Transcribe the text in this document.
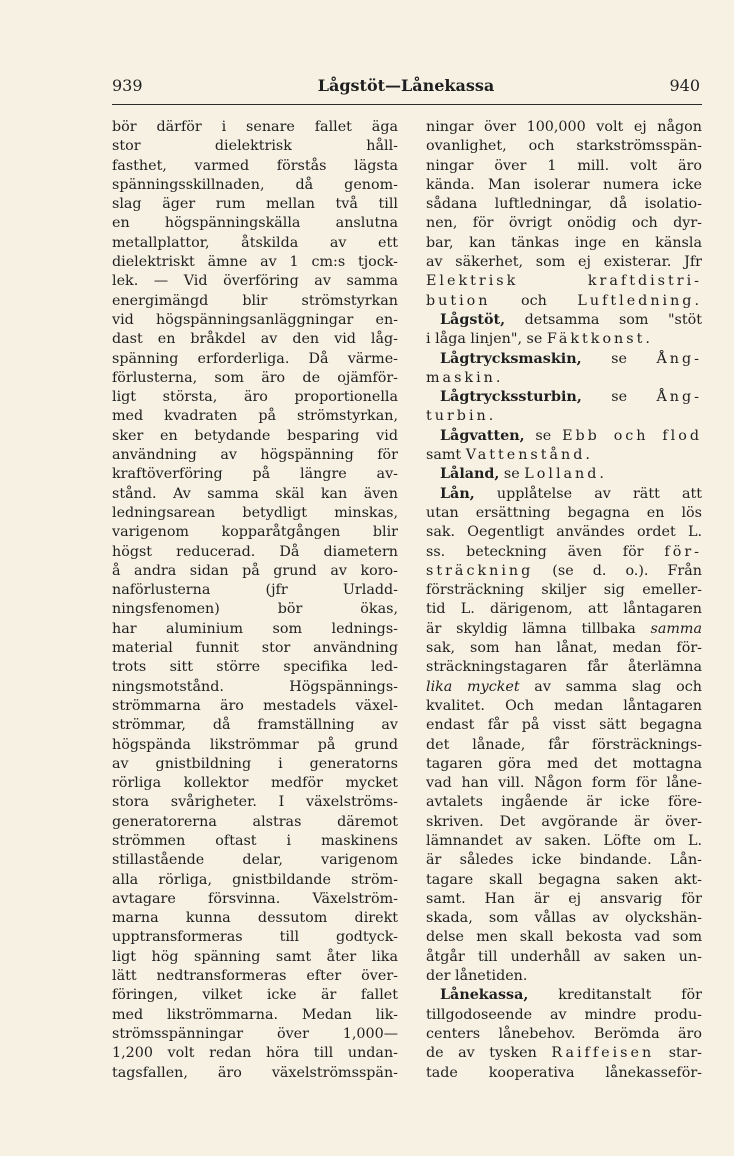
939	Lågstöt—Lånekassa	940
bör därför i senare fallet äga
stor dielektrisk håll-
fasthet, varmed förstås lägsta
spänningsskillnaden, då genom-
slag äger rum mellan två till
en högspänningskälla anslutna
metallplattor, åtskilda av ett
dielektriskt ämne av 1 cm:s tjock-
lek. — Vid överföring av samma
energimängd blir strömstyrkan
vid högspänningsanläggningar en-
dast en bråkdel av den vid låg-
spänning erforderliga. Då värme-
förlusterna, som äro de ojämför-
ligt största, äro proportionella
med kvadraten på strömstyrkan,
sker en betydande besparing vid
användning av högspänning för
kraftöverföring på längre av-
stånd. Av samma skäl kan även
ledningsarean betydligt minskas,
varigenom kopparåtgången blir
högst reducerad. Då diametern
å andra sidan på grund av koro-
naförlusterna (jfr Urladd-
ningsfenomen) bör ökas,
har aluminium som lednings-
material funnit stor användning
trots sitt större specifika led-
ningsmotstånd. Högspännings-
strömmarna äro mestadels växel-
strömmar, då framställning av
högspända likströmmar på grund
av gnistbildning i generatorns
rörliga kollektor medför mycket
stora svårigheter. I växelströms-
generatorerna alstras däremot
strömmen oftast i maskinens
stillastående delar, varigenom
alla rörliga, gnistbildande ström-
avtagare försvinna. Växelström-
marna kunna dessutom direkt
upptransformeras till godtyck-
ligt hög spänning samt åter lika
lätt nedtransformeras efter över-
föringen, vilket icke är fallet
med likströmmarna. Medan lik-
strömsspänningar över 1,000—
1,200 volt redan höra till undan-
tagsfallen, äro växelströmsspän-
ningar över 100,000 volt ej någon
ovanlighet, och starkströmsspän-
ningar över 1 mill. volt äro
kända. Man isolerar numera icke
sådana luftledningar, då isolatio-
nen, för övrigt onödig och dyr-
bar, kan tänkas inge en känsla
av säkerhet, som ej existerar. Jfr
Elektrisk kraftdistri-
bution och Luftledning.
Lågstöt, detsamma som "stöt
i låga linjen", se Fäktkonst.
Lågtrycksmaskin, se Ång-
maskin.
Lågtryckssturbin, se Ång-
turbin.
Lågvatten, se Ebb och flod
samt Vattenstånd.
Låland, se Lolland.
Lån, upplåtelse av rätt att
utan ersättning begagna en lös
sak. Oegentligt användes ordet L.
ss. beteckning även för för-
sträckning (se d. o.). Från
försträckning skiljer sig emeller-
tid L. därigenom, att låntagaren
är skyldig lämna tillbaka samma
sak, som han lånat, medan för-
sträckningstagaren får återlämna
lika mycket av samma slag och
kvalitet. Och medan låntagaren
endast får på visst sätt begagna
det lånade, får försträcknings-
tagaren göra med det mottagna
vad han vill. Någon form för låne-
avtalets ingående är icke före-
skriven. Det avgörande är över-
lämnandet av saken. Löfte om L.
är således icke bindande. Lån-
tagare skall begagna saken akt-
samt. Han är ej ansvarig för
skada, som vållas av olyckshän-
delse men skall bekosta vad som
åtgår till underhåll av saken un-
der lånetiden.
Lånekassa, kreditanstalt för
tillgodoseende av mindre produ-
centers lånebehov. Berömda äro
de av tysken Raiffeisen star-
tade kooperativa lånekasseför-
